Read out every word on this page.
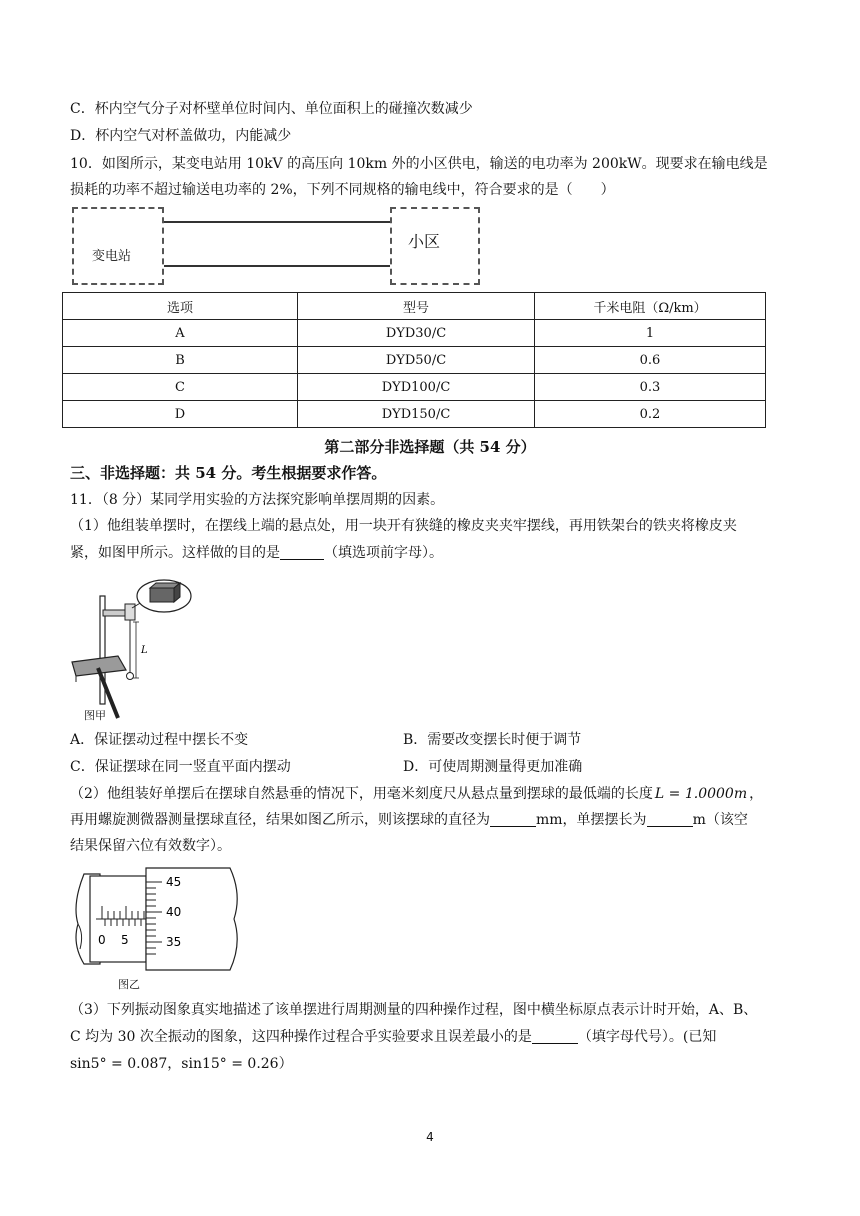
C．杯内空气分子对杯壁单位时间内、单位面积上的碰撞次数减少
D．杯内空气对杯盖做功，内能减少
10．如图所示，某变电站用 10kV 的高压向 10km 外的小区供电，输送的电功率为 200kW。现要求在输电线是
损耗的功率不超过输送电功率的 2%，下列不同规格的输电线中，符合要求的是（　　）
变电站
小区
选项	型号	千米电阻（Ω/km）
A	DYD30/C	1
B	DYD50/C	0.6
C	DYD100/C	0.3
D	DYD150/C	0.2
第二部分非选择题（共 54 分）
三、非选择题：共 54 分。考生根据要求作答。
11．（8 分）某同学用实验的方法探究影响单摆周期的因素。
（1）他组装单摆时，在摆线上端的悬点处，用一块开有狭缝的橡皮夹夹牢摆线，再用铁架台的铁夹将橡皮夹
紧，如图甲所示。这样做的目的是	（填选项前字母）。
L
图甲
A．保证摆动过程中摆长不变	B．需要改变摆长时便于调节
C．保证摆球在同一竖直平面内摆动	D．可使周期测量得更加准确
（2）他组装好单摆后在摆球自然悬垂的情况下，用毫米刻度尺从悬点量到摆球的最低端的长度 L = 1.0000m ，
再用螺旋测微器测量摆球直径，结果如图乙所示，则该摆球的直径为	mm，单摆摆长为	m（该空
结果保留六位有效数字）。
0 5
45
40
35
图乙
（3）下列振动图象真实地描述了该单摆进行周期测量的四种操作过程，图中横坐标原点表示计时开始，A、B、
C 均为 30 次全振动的图象，这四种操作过程合乎实验要求且误差最小的是	（填字母代号）。(已知
sin5° = 0.087，sin15° = 0.26）
4
